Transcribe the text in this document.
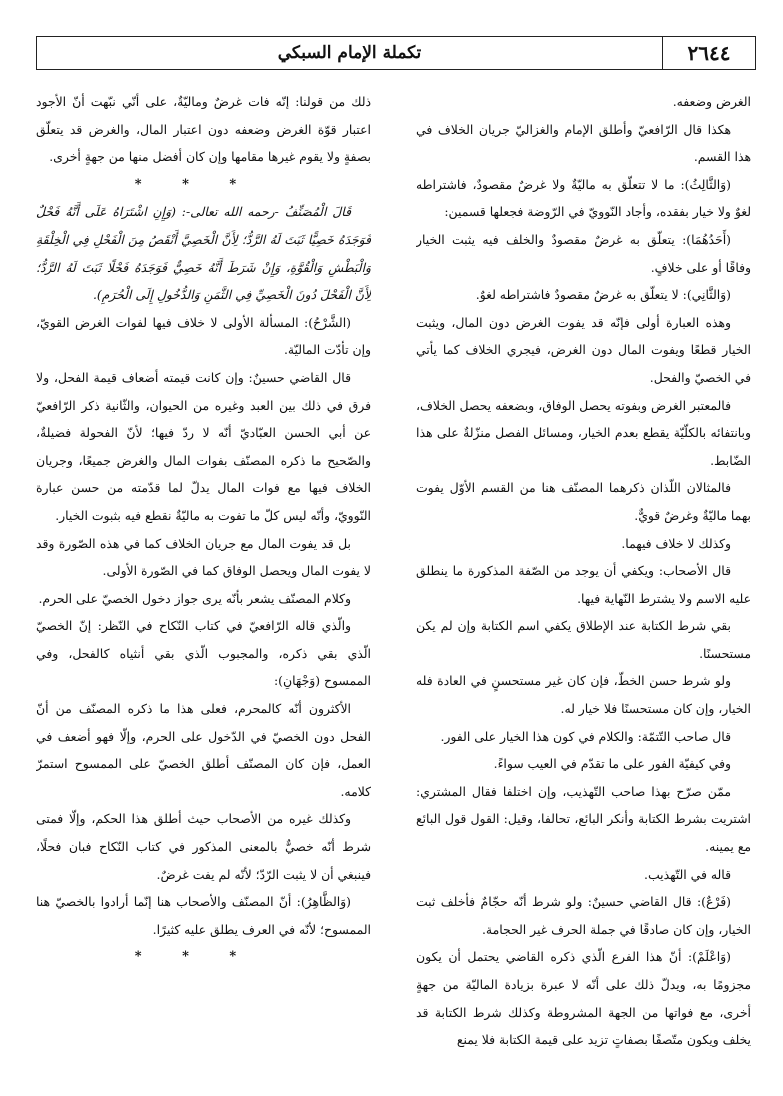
٢٦٤٤
تكملة الإمام السبكي

الغرض وضعفه.

هكذا قال الرّافعيّ وأطلق الإمام والغزاليّ جريان الخلاف في هذا القسم.

(وَالثَّالِثُ): ما لا تتعلّق به ماليّةٌ ولا غرضٌ مقصودٌ، فاشتراطه لغوٌ ولا خيار بفقده، وأجاد النّوويّ في الرّوضة فجعلها قسمين:

(أَحَدُهُمَا): يتعلّق به غرضٌ مقصودٌ والخلف فيه يثبت الخيار وفاقًا أو على خلافٍ.

(وَالثَّانِي): لا يتعلّق به غرضٌ مقصودٌ فاشتراطه لغوٌ.

وهذه العبارة أولى فإنّه قد يفوت الغرض دون المال، ويثبت الخيار قطعًا ويفوت المال دون الغرض، فيجري الخلاف كما يأتي في الخصيّ والفحل.

فالمعتبر الغرض وبفوته يحصل الوفاق، وبضعفه يحصل الخلاف، وبانتفائه بالكلّيّة يقطع بعدم الخيار، ومسائل الفصل منزّلةٌ على هذا الضّابط.

فالمثالان اللّذان ذكرهما المصنّف هنا من القسم الأوّل يفوت بهما ماليّةٌ وغرضٌ قويٌّ.

وكذلك لا خلاف فيهما.

قال الأصحاب: ويكفي أن يوجد من الصّفة المذكورة ما ينطلق عليه الاسم ولا يشترط النّهاية فيها.

بقي شرط الكتابة عند الإطلاق يكفي اسم الكتابة وإن لم يكن مستحسنًا.

ولو شرط حسن الخطّ، فإن كان غير مستحسنٍ في العادة فله الخيار، وإن كان مستحسنًا فلا خيار له.

قال صاحب التّتمّة: والكلام في كون هذا الخيار على الفور.

وفي كيفيّة الفور على ما تقدّم في العيب سواءً.

ممّن صرّح بهذا صاحب التّهذيب، وإن اختلفا فقال المشتري: اشتريت بشرط الكتابة وأنكر البائع، تحالفا، وقيل: القول قول البائع مع يمينه.

قاله في التّهذيب.

(فَرْعٌ): قال القاضي حسينٌ: ولو شرط أنّه حجّامٌ فأخلف ثبت الخيار، وإن كان صادقًا في جملة الحرف غير الحجامة.

(وَاعْلَمْ): أنّ هذا الفرع الّذي ذكره القاضي يحتمل أن يكون مجزومًا به، ويدلّ ذلك على أنّه لا عبرة بزيادة الماليّة من جهةٍ أخرى، مع فواتها من الجهة المشروطة وكذلك شرط الكتابة قد يخلف ويكون متّصفًا بصفاتٍ تزيد على قيمة الكتابة فلا يمنع

ذلك من قولنا: إنّه فات غرضٌ وماليّةٌ، على أنّي نبّهت أنّ الأجود اعتبار قوّة الغرض وضعفه دون اعتبار المال، والغرض قد يتعلّق بصفةٍ ولا يقوم غيرها مقامها وإن كان أفضل منها من جهةٍ أخرى.

* * *

قَالَ الْمُصَنِّفُ -رحمه الله تعالى-: (وَإِنِ اشْتَرَاهُ عَلَى أَنَّهُ فَحْلٌ فَوَجَدَهُ خَصِيًّا ثَبَتَ لَهُ الرَّدُّ؛ لِأَنَّ الْخَصِيَّ أَنْقَصُ مِنَ الْفَحْلِ فِي الْخِلْقَةِ وَالْبَطْشِ وَالْقُوَّةِ، وَإِنْ شَرَطَ أَنَّهُ خَصِيٌّ فَوَجَدَهُ فَحْلًا ثَبَتَ لَهُ الرَّدُّ؛ لِأَنَّ الْفَحْلَ دُونَ الْخَصِيِّ فِي الثَّمَنِ وَالدُّخُولِ إِلَى الْحُرَمِ).

(الشَّرْحُ): المسألة الأولى لا خلاف فيها لفوات الغرض القويّ، وإن تأدّت الماليّة.

قال القاضي حسينٌ: وإن كانت قيمته أضعاف قيمة الفحل، ولا فرق في ذلك بين العبد وغيره من الحيوان، والثّانية ذكر الرّافعيّ عن أبي الحسن العبّاديّ أنّه لا ردّ فيها؛ لأنّ الفحولة فضيلةٌ، والصّحيح ما ذكره المصنّف بفوات المال والغرض جميعًا، وجريان الخلاف فيها مع فوات المال يدلّ لما قدّمته من حسن عبارة النّوويّ، وأنّه ليس كلّ ما تفوت به ماليّةٌ نقطع فيه بثبوت الخيار.

بل قد يفوت المال مع جريان الخلاف كما في هذه الصّورة وقد لا يفوت المال ويحصل الوفاق كما في الصّورة الأولى.

وكلام المصنّف يشعر بأنّه يرى جواز دخول الخصيّ على الحرم.

والّذي قاله الرّافعيّ في كتاب النّكاح في النّظر: إنّ الخصيّ الّذي بقي ذكره، والمجبوب الّذي بقي أنثياه كالفحل، وفي الممسوح (وَجْهَانِ):

الأكثرون أنّه كالمحرم، فعلى هذا ما ذكره المصنّف من أنّ الفحل دون الخصيّ في الدّخول على الحرم، وإلّا فهو أضعف في العمل، فإن كان المصنّف أطلق الخصيّ على الممسوح استمرّ كلامه.

وكذلك غيره من الأصحاب حيث أطلق هذا الحكم، وإلّا فمتى شرط أنّه خصيٌّ بالمعنى المذكور في كتاب النّكاح فبان فحلًا، فينبغي أن لا يثبت الرّدّ؛ لأنّه لم يفت غرضٌ.

(وَالظَّاهِرُ): أنّ المصنّف والأصحاب هنا إنّما أرادوا بالخصيّ هنا الممسوح؛ لأنّه في العرف يطلق عليه كثيرًا.

* * *
